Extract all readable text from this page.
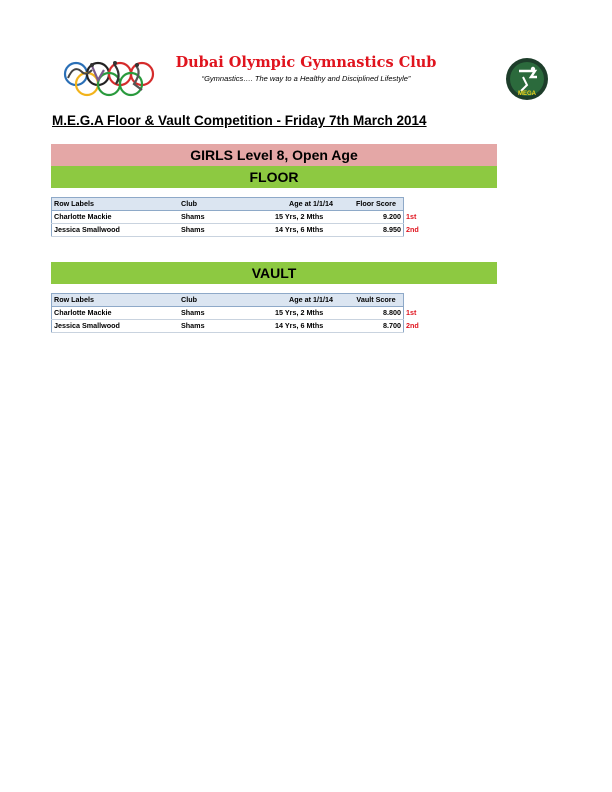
Dubai Olympic Gymnastics Club
“Gymnastics…. The way to a Healthy and Disciplined Lifestyle”
MEGA
M.E.G.A Floor & Vault Competition - Friday 7th March 2014
GIRLS Level 8, Open Age
FLOOR
Row Labels	Club	Age at 1/1/14	Floor Score	
Charlotte Mackie	Shams	15 Yrs, 2 Mths	9.200	1st
Jessica Smallwood	Shams	14 Yrs, 6 Mths	8.950	2nd
VAULT
Row Labels	Club	Age at 1/1/14	Vault Score	
Charlotte Mackie	Shams	15 Yrs, 2 Mths	8.800	1st
Jessica Smallwood	Shams	14 Yrs, 6 Mths	8.700	2nd
